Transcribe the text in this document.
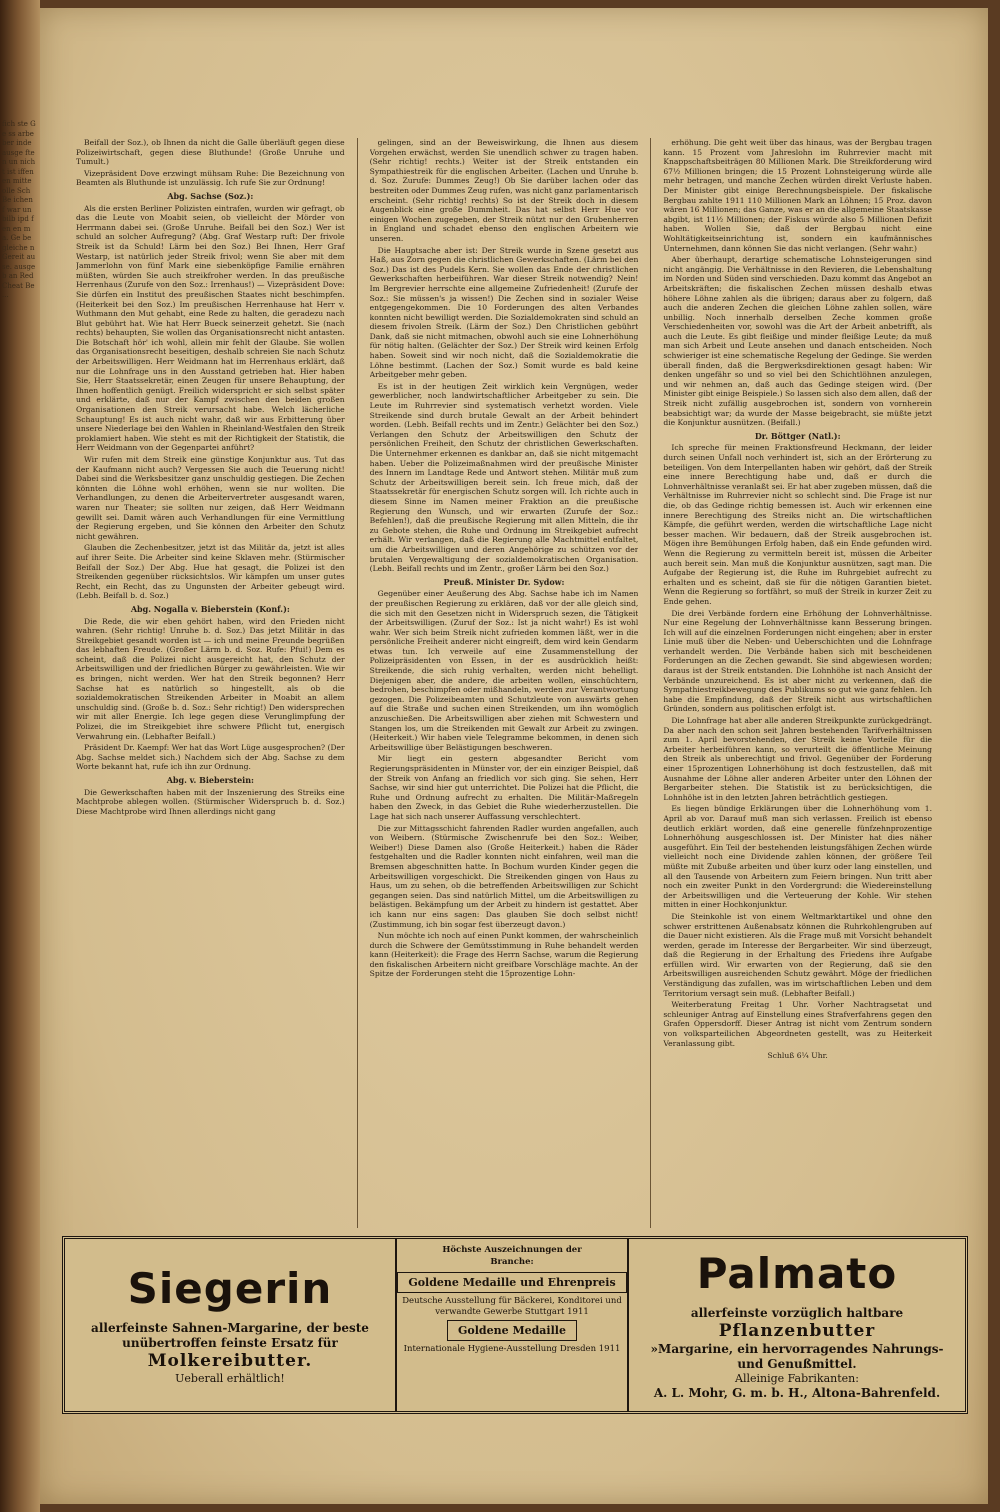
fich ste Ge ss arbe ber inde ausge ften un nicht ist iffen en mitte olle Sch Be ichen f war unbilb ipd fen en m a. Ge be gleiche n Gereit ause. ausgeb an Red Cheat Be ...

Beifall der Soz.), ob Ihnen da nicht die Galle überläuft gegen diese Polizeiwirtschaft, gegen diese Bluthunde! (Große Unruhe und Tumult.)

Vizepräsident Dove erzwingt mühsam Ruhe: Die Bezeichnung von Beamten als Bluthunde ist unzulässig. Ich rufe Sie zur Ordnung!

Abg. Sachse (Soz.):

Als die ersten Berliner Polizisten eintrafen, wurden wir gefragt, ob das die Leute von Moabit seien, ob vielleicht der Mörder von Herrmann dabei sei. (Große Unruhe. Beifall bei den Soz.) Wer ist schuld an solcher Aufregung? (Abg. Graf Westarp ruft: Der frivole Streik ist da Schuld! Lärm bei den Soz.) Bei Ihnen, Herr Graf Westarp, ist natürlich jeder Streik frivol; wenn Sie aber mit dem Jammerlohn von fünf Mark eine siebenköpfige Familie ernähren müßten, würden Sie auch streikfroher werden. In das preußische Herrenhaus (Zurufe von den Soz.: Irrenhaus!) — Vizepräsident Dove: Sie dürfen ein Institut des preußischen Staates nicht beschimpfen. (Heiterkeit bei den Soz.) Im preußischen Herrenhause hat Herr v. Wuthmann den Mut gehabt, eine Rede zu halten, die geradezu nach Blut gebührt hat. Wie hat Herr Bueck seinerzeit gehetzt. Sie (nach rechts) behaupten, Sie wollen das Organisationsrecht nicht antasten. Die Botschaft hör' ich wohl, allein mir fehlt der Glaube. Sie wollen das Organisationsrecht beseitigen, deshalb schreien Sie nach Schutz der Arbeitswilligen. Herr Weidmann hat im Herrenhaus erklärt, daß nur die Lohnfrage uns in den Ausstand getrieben hat. Hier haben Sie, Herr Staatssekretär, einen Zeugen für unsere Behauptung, der Ihnen hoffentlich genügt. Freilich widerspricht er sich selbst später und erklärte, daß nur der Kampf zwischen den beiden großen Organisationen den Streik verursacht habe. Welch lächerliche Schauptung! Es ist auch nicht wahr, daß wir aus Erbitterung über unsere Niederlage bei den Wahlen in Rheinland-Westfalen den Streik proklamiert haben. Wie steht es mit der Richtigkeit der Statistik, die Herr Weidmann von der Gegenpartei anführt?

Wir rufen mit dem Streik eine günstige Konjunktur aus. Tut das der Kaufmann nicht auch? Vergessen Sie auch die Teuerung nicht! Dabei sind die Werksbesitzer ganz unschuldig gestiegen. Die Zechen könnten die Löhne wohl erhöhen, wenn sie nur wollten. Die Verhandlungen, zu denen die Arbeitervertreter ausgesandt waren, waren nur Theater; sie sollten nur zeigen, daß Herr Weidmann gewillt sei. Damit wären auch Verhandlungen für eine Vermittlung der Regierung ergeben, und Sie können den Arbeiter den Schutz nicht gewähren.

Glauben die Zechenbesitzer, jetzt ist das Militär da, jetzt ist alles auf ihrer Seite. Die Arbeiter sind keine Sklaven mehr. (Stürmischer Beifall der Soz.) Der Abg. Hue hat gesagt, die Polizei ist den Streikenden gegenüber rücksichtslos. Wir kämpfen um unser gutes Recht, ein Recht, das zu Ungunsten der Arbeiter gebeugt wird. (Lebh. Beifall b. d. Soz.)

Abg. Nogalla v. Bieberstein (Konf.):

Die Rede, die wir eben gehört haben, wird den Frieden nicht wahren. (Sehr richtig! Unruhe b. d. Soz.) Das jetzt Militär in das Streikgebiet gesandt worden ist — ich und meine Freunde begrüßen das lebhaften Freude. (Großer Lärm b. d. Soz. Rufe: Pfui!) Dem es scheint, daß die Polizei nicht ausgereicht hat, den Schutz der Arbeitswilligen und der friedlichen Bürger zu gewährleisten. Wie wir es bringen, nicht werden. Wer hat den Streik begonnen? Herr Sachse hat es natürlich so hingestellt, als ob die sozialdemokratischen Streikenden Arbeiter in Moabit an allem unschuldig sind. (Große b. d. Soz.: Sehr richtig!) Den widersprechen wir mit aller Energie. Ich lege gegen diese Verunglimpfung der Polizei, die im Streikgebiet ihre schwere Pflicht tut, energisch Verwahrung ein. (Lebhafter Beifall.)

Präsident Dr. Kaempf: Wer hat das Wort Lüge ausgesprochen? (Der Abg. Sachse meldet sich.) Nachdem sich der Abg. Sachse zu dem Worte bekannt hat, rufe ich ihn zur Ordnung.

Abg. v. Bieberstein:

Die Gewerkschaften haben mit der Inszenierung des Streiks eine Machtprobe ablegen wollen. (Stürmischer Widerspruch b. d. Soz.) Diese Machtprobe wird Ihnen allerdings nicht gang

gelingen, sind an der Beweiswirkung, die Ihnen aus diesem Vorgehen erwächst, werden Sie unendlich schwer zu tragen haben. (Sehr richtig! rechts.) Weiter ist der Streik entstanden ein Sympathiestreik für die englischen Arbeiter. (Lachen und Unruhe b. d. Soz. Zurufe: Dummes Zeug!) Ob Sie darüber lachen oder das bestreiten oder Dummes Zeug rufen, was nicht ganz parlamentarisch erscheint. (Sehr richtig! rechts) So ist der Streik doch in diesem Augenblick eine große Dummheit. Das hat selbst Herr Hue vor einigen Wochen zugegeben, der Streik nützt nur den Grubenherren in England und schadet ebenso den englischen Arbeitern wie unseren.

Die Hauptsache aber ist: Der Streik wurde in Szene gesetzt aus Haß, aus Zorn gegen die christlichen Gewerkschaften. (Lärm bei den Soz.) Das ist des Pudels Kern. Sie wollen das Ende der christlichen Gewerkschaften herbeiführen. War dieser Streik notwendig? Nein! Im Bergrevier herrschte eine allgemeine Zufriedenheit! (Zurufe der Soz.: Sie müssen's ja wissen!) Die Zechen sind in sozialer Weise entgegengekommen. Die 10 Forderungen des alten Verbandes konnten nicht bewilligt werden. Die Sozialdemokraten sind schuld an diesem frivolen Streik. (Lärm der Soz.) Den Christlichen gebührt Dank, daß sie nicht mitmachen, obwohl auch sie eine Lohnerhöhung für nötig halten. (Gelächter der Soz.) Der Streik wird keinen Erfolg haben. Soweit sind wir noch nicht, daß die Sozialdemokratie die Löhne bestimmt. (Lachen der Soz.) Somit wurde es bald keine Arbeitgeber mehr geben.

Es ist in der heutigen Zeit wirklich kein Vergnügen, weder gewerblicher, noch landwirtschaftlicher Arbeitgeber zu sein. Die Leute im Ruhrrevier sind systematisch verhetzt worden. Viele Streikende sind durch brutale Gewalt an der Arbeit behindert worden. (Lebh. Beifall rechts und im Zentr.) Gelächter bei den Soz.) Verlangen den Schutz der Arbeitswilligen den Schutz der persönlichen Freiheit, den Schutz der christlichen Gewerkschaften. Die Unternehmer erkennen es dankbar an, daß sie nicht mitgemacht haben. Ueber die Polizeimaßnahmen wird der preußische Minister des Innern im Landtage Rede und Antwort stehen. Militär muß zum Schutz der Arbeitswilligen bereit sein. Ich freue mich, daß der Staatssekretär für energischen Schutz sorgen will. Ich richte auch in diesem Sinne im Namen meiner Fraktion an die preußische Regierung den Wunsch, und wir erwarten (Zurufe der Soz.: Befehlen!), daß die preußische Regierung mit allen Mitteln, die ihr zu Gebote stehen, die Ruhe und Ordnung im Streikgebiet aufrecht erhält. Wir verlangen, daß die Regierung alle Machtmittel entfaltet, um die Arbeitswilligen und deren Angehörige zu schützen vor der brutalen Vergewaltigung der sozialdemokratischen Organisation. (Lebh. Beifall rechts und im Zentr., großer Lärm bei den Soz.)

Preuß. Minister Dr. Sydow:

Gegenüber einer Aeußerung des Abg. Sachse habe ich im Namen der preußischen Regierung zu erklären, daß vor der alle gleich sind, die sich mit den Gesetzen nicht in Widerspruch sezen, die Tätigkeit der Arbeitswilligen. (Zuruf der Soz.: Ist ja nicht wahr!) Es ist wohl wahr. Wer sich beim Streik nicht zufrieden kommen läßt, wer in die persönliche Freiheit anderer nicht eingreift, dem wird kein Gendarm etwas tun. Ich verweile auf eine Zusammenstellung der Polizeipräsidenten von Essen, in der es ausdrücklich heißt: Streikende, die sich ruhig verhalten, werden nicht behelligt. Diejenigen aber, die andere, die arbeiten wollen, einschüchtern, bedrohen, beschimpfen oder mißhandeln, werden zur Verantwortung gezogen. Die Polizeibeamten und Schutzleute von auswärts gehen auf die Straße und suchen einen Streikenden, um ihn womöglich anzuschießen. Die Arbeitswilligen aber ziehen mit Schwestern und Stangen los, um die Streikenden mit Gewalt zur Arbeit zu zwingen. (Heiterkeit.) Wir haben viele Telegramme bekommen, in denen sich Arbeitswillige über Belästigungen beschweren.

Mir liegt ein gestern abgesandter Bericht vom Regierungspräsidenten in Münster vor, der ein einziger Beispiel, daß der Streik von Anfang an friedlich vor sich ging. Sie sehen, Herr Sachse, wir sind hier gut unterrichtet. Die Polizei hat die Pflicht, die Ruhe und Ordnung aufrecht zu erhalten. Die Militär-Maßregeln haben den Zweck, in das Gebiet die Ruhe wiederherzustellen. Die Lage hat sich nach unserer Auffassung verschlechtert.

Die zur Mittagsschicht fahrenden Radler wurden angefallen, auch von Weibern. (Stürmische Zwischenrufe bei den Soz.: Weiber, Weiber!) Diese Damen also (Große Heiterkeit.) haben die Räder festgehalten und die Radler konnten nicht einfahren, weil man die Bremsen abgeschnitten hatte. In Bochum wurden Kinder gegen die Arbeitswilligen vorgeschickt. Die Streikenden gingen von Haus zu Haus, um zu sehen, ob die betreffenden Arbeitswilligen zur Schicht gegangen seien. Das sind natürlich Mittel, um die Arbeitswilligen zu belästigen. Bekämpfung um der Arbeit zu hindern ist gestattet. Aber ich kann nur eins sagen: Das glauben Sie doch selbst nicht! (Zustimmung, ich bin sogar fest überzeugt davon.)

Nun möchte ich noch auf einen Punkt kommen, der wahrscheinlich durch die Schwere der Gemütsstimmung in Ruhe behandelt werden kann (Heiterkeit): die Frage des Herrn Sachse, warum die Regierung den fiskalischen Arbeitern nicht greifbare Vorschläge machte. An der Spitze der Forderungen steht die 15prozentige Lohn-

erhöhung. Die geht weit über das hinaus, was der Bergbau tragen kann. 15 Prozent vom Jahreslohn im Ruhrrevier macht mit Knappschaftsbeiträgen 80 Millionen Mark. Die Streikforderung wird 67½ Millionen bringen; die 15 Prozent Lohnsteigerung würde alle mehr betragen, und manche Zechen würden direkt Verluste haben. Der Minister gibt einige Berechnungsbeispiele. Der fiskalische Bergbau zahlte 1911 110 Millionen Mark an Löhnen; 15 Proz. davon wären 16 Millionen; das Ganze, was er an die allgemeine Staatskasse abgibt, ist 11½ Millionen; der Fiskus würde also 5 Millionen Defizit haben. Wollen Sie, daß der Bergbau nicht eine Wohltätigkeitseinrichtung ist, sondern ein kaufmännisches Unternehmen, dann können Sie das nicht verlangen. (Sehr wahr.)

Aber überhaupt, derartige schematische Lohnsteigerungen sind nicht angängig. Die Verhältnisse in den Revieren, die Lebenshaltung im Norden und Süden sind verschieden. Dazu kommt das Angebot an Arbeitskräften; die fiskalischen Zechen müssen deshalb etwas höhere Löhne zahlen als die übrigen; daraus aber zu folgern, daß auch die anderen Zechen die gleichen Löhne zahlen sollen, wäre unbillig. Noch innerhalb derselben Zeche kommen große Verschiedenheiten vor, sowohl was die Art der Arbeit anbetrifft, als auch die Leute. Es gibt fleißige und minder fleißige Leute; da muß man sich Arbeit und Leute ansehen und danach entscheiden. Noch schwieriger ist eine schematische Regelung der Gedinge. Sie werden überall finden, daß die Bergwerksdirektionen gesagt haben: Wir denken ungefähr so und so viel bei den Schichtlöhnen anzulegen, und wir nehmen an, daß auch das Gedinge steigen wird. (Der Minister gibt einige Beispiele.) So lassen sich also dem allen, daß der Streik nicht zufällig ausgebrochen ist, sondern von vornherein beabsichtigt war; da wurde der Masse beigebracht, sie müßte jetzt die Konjunktur ausnützen. (Beifall.)

Dr. Böttger (Natl.):

Ich spreche für meinen Fraktionsfreund Heckmann, der leider durch seinen Unfall noch verhindert ist, sich an der Erörterung zu beteiligen. Von dem Interpellanten haben wir gehört, daß der Streik eine innere Berechtigung habe und, daß er durch die Lohnverhältnisse veranlaßt sei. Er hat aber zugeben müssen, daß die Verhältnisse im Ruhrrevier nicht so schlecht sind. Die Frage ist nur die, ob das Gedinge richtig bemessen ist. Auch wir erkennen eine innere Berechtigung des Streiks nicht an. Die wirtschaftlichen Kämpfe, die geführt werden, werden die wirtschaftliche Lage nicht besser machen. Wir bedauern, daß der Streik ausgebrochen ist. Mögen ihre Bemühungen Erfolg haben, daß ein Ende gefunden wird. Wenn die Regierung zu vermitteln bereit ist, müssen die Arbeiter auch bereit sein. Man muß die Konjunktur ausnützen, sagt man. Die Aufgabe der Regierung ist, die Ruhe im Ruhrgebiet aufrecht zu erhalten und es scheint, daß sie für die nötigen Garantien bietet. Wenn die Regierung so fortfährt, so muß der Streik in kurzer Zeit zu Ende gehen.

Die drei Verbände fordern eine Erhöhung der Lohnverhältnisse. Nur eine Regelung der Lohnverhältnisse kann Besserung bringen. Ich will auf die einzelnen Forderungen nicht eingehen; aber in erster Linie muß über die Neben- und Ueberschichten und die Lohnfrage verhandelt werden. Die Verbände haben sich mit bescheidenen Forderungen an die Zechen gewandt. Sie sind abgewiesen worden; daraus ist der Streik entstanden. Die Lohnhöhe ist nach Ansicht der Verbände unzureichend. Es ist aber nicht zu verkennen, daß die Sympathiestreikbewegung des Publikums so gut wie ganz fehlen. Ich habe die Empfindung, daß der Streik nicht aus wirtschaftlichen Gründen, sondern aus politischen erfolgt ist.

Die Lohnfrage hat aber alle anderen Streikpunkte zurückgedrängt. Da aber nach den schon seit Jahren bestehenden Tarifverhältnissen zum 1. April bevorstehenden, der Streik keine Vorteile für die Arbeiter herbeiführen kann, so verurteilt die öffentliche Meinung den Streik als unberechtigt und frivol. Gegenüber der Forderung einer 15prozentigen Lohnerhöhung ist doch festzustellen, daß mit Ausnahme der Löhne aller anderen Arbeiter unter den Löhnen der Bergarbeiter stehen. Die Statistik ist zu berücksichtigen, die Lohnhöhe ist in den letzten Jahren beträchtlich gestiegen.

Es liegen bündige Erklärungen über die Lohnerhöhung vom 1. April ab vor. Darauf muß man sich verlassen. Freilich ist ebenso deutlich erklärt worden, daß eine generelle fünfzehnprozentige Lohnerhöhung ausgeschlossen ist. Der Minister hat dies näher ausgeführt. Ein Teil der bestehenden leistungsfähigen Zechen würde vielleicht noch eine Dividende zahlen können, der größere Teil müßte mit Zubuße arbeiten und über kurz oder lang einstellen, und all den Tausende von Arbeitern zum Feiern bringen. Nun tritt aber noch ein zweiter Punkt in den Vordergrund: die Wiedereinstellung der Arbeitswilligen und die Verteuerung der Kohle. Wir stehen mitten in einer Hochkonjunktur.

Die Steinkohle ist von einem Weltmarktartikel und ohne den schwer erstrittenen Außenabsatz können die Ruhrkohlengruben auf die Dauer nicht existieren. Als die Frage muß mit Vorsicht behandelt werden, gerade im Interesse der Bergarbeiter. Wir sind überzeugt, daß die Regierung in der Erhaltung des Friedens ihre Aufgabe erfüllen wird. Wir erwarten von der Regierung, daß sie den Arbeitswilligen ausreichenden Schutz gewährt. Möge der friedlichen Verständigung das zufallen, was im wirtschaftlichen Leben und dem Territorium versagt sein muß. (Lebhafter Beifall.)

Weiterberatung Freitag 1 Uhr. Vorher Nachtragsetat und schleuniger Antrag auf Einstellung eines Strafverfahrens gegen den Grafen Oppersdorff. Dieser Antrag ist nicht vom Zentrum sondern von volksparteilichen Abgeordneten gestellt, was zu Heiterkeit Veranlassung gibt.

Schluß 6¼ Uhr.

Siegerin
allerfeinste Sahnen-Margarine, der beste
unübertroffen feinste Ersatz für
Molkereibutter.
Ueberall erhältlich!
Höchste Auszeichnungen der
Branche:
Goldene Medaille und Ehrenpreis
Deutsche Ausstellung für Bäckerei, Konditorei und verwandte Gewerbe Stuttgart 1911
Goldene Medaille
Internationale Hygiene-Ausstellung Dresden 1911
Palmato
allerfeinste vorzüglich haltbare
Pflanzenbutter
»Margarine, ein hervorragendes Nahrungs-
und Genußmittel.
Alleinige Fabrikanten:
A. L. Mohr, G. m. b. H., Altona-Bahrenfeld.
